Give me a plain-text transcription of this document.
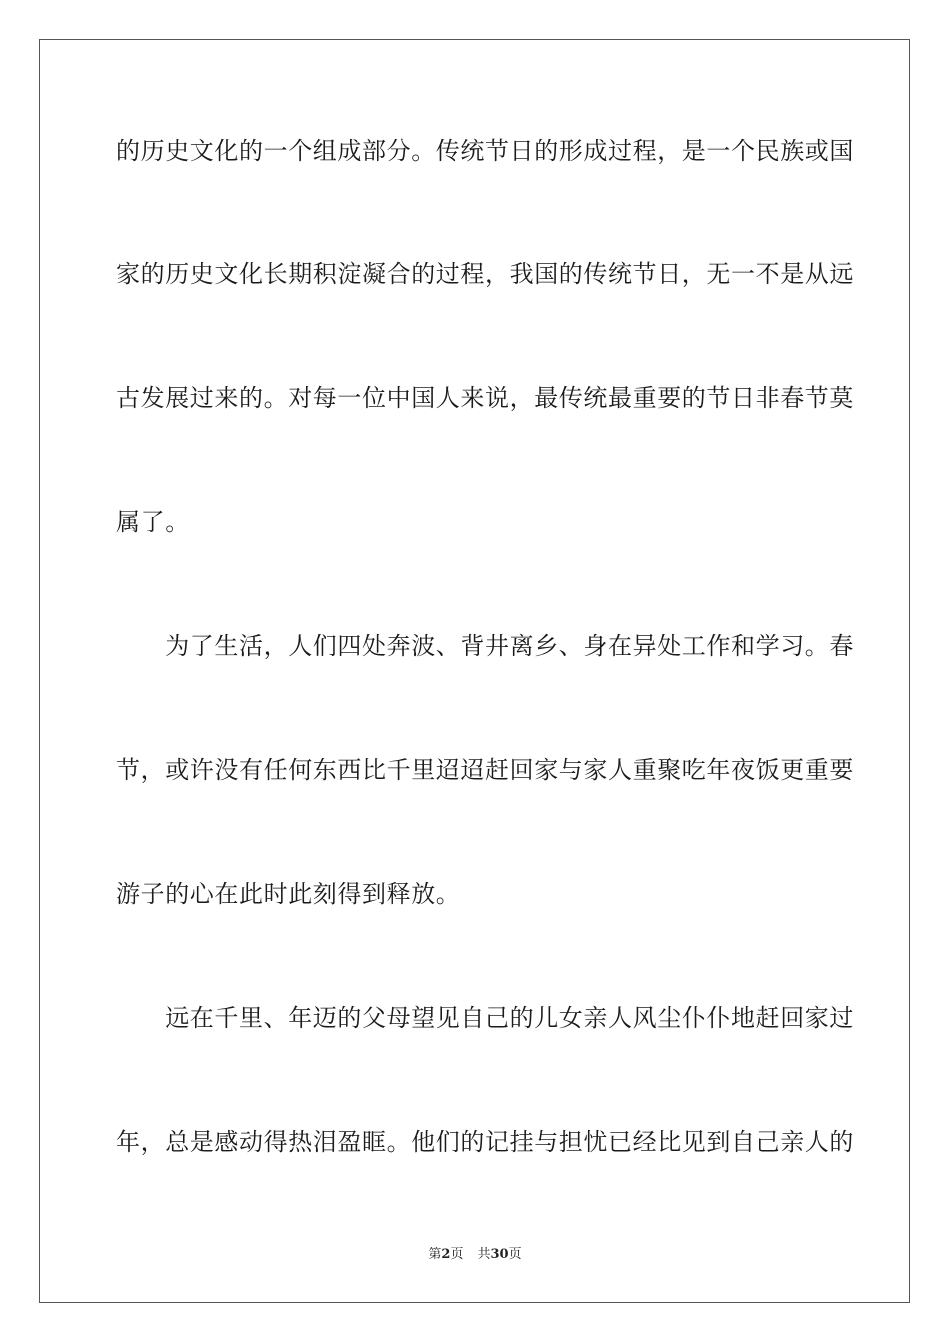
的历史文化的一个组成部分。传统节日的形成过程，是一个民族或国
家的历史文化长期积淀凝合的过程，我国的传统节日，无一不是从远
古发展过来的。对每一位中国人来说，最传统最重要的节日非春节莫
属了。
　　为了生活，人们四处奔波、背井离乡、身在异处工作和学习。春
节，或许没有任何东西比千里迢迢赶回家与家人重聚吃年夜饭更重要
游子的心在此时此刻得到释放。
　　远在千里、年迈的父母望见自己的儿女亲人风尘仆仆地赶回家过
年，总是感动得热泪盈眶。他们的记挂与担忧已经比见到自己亲人的
第2页 共30页
